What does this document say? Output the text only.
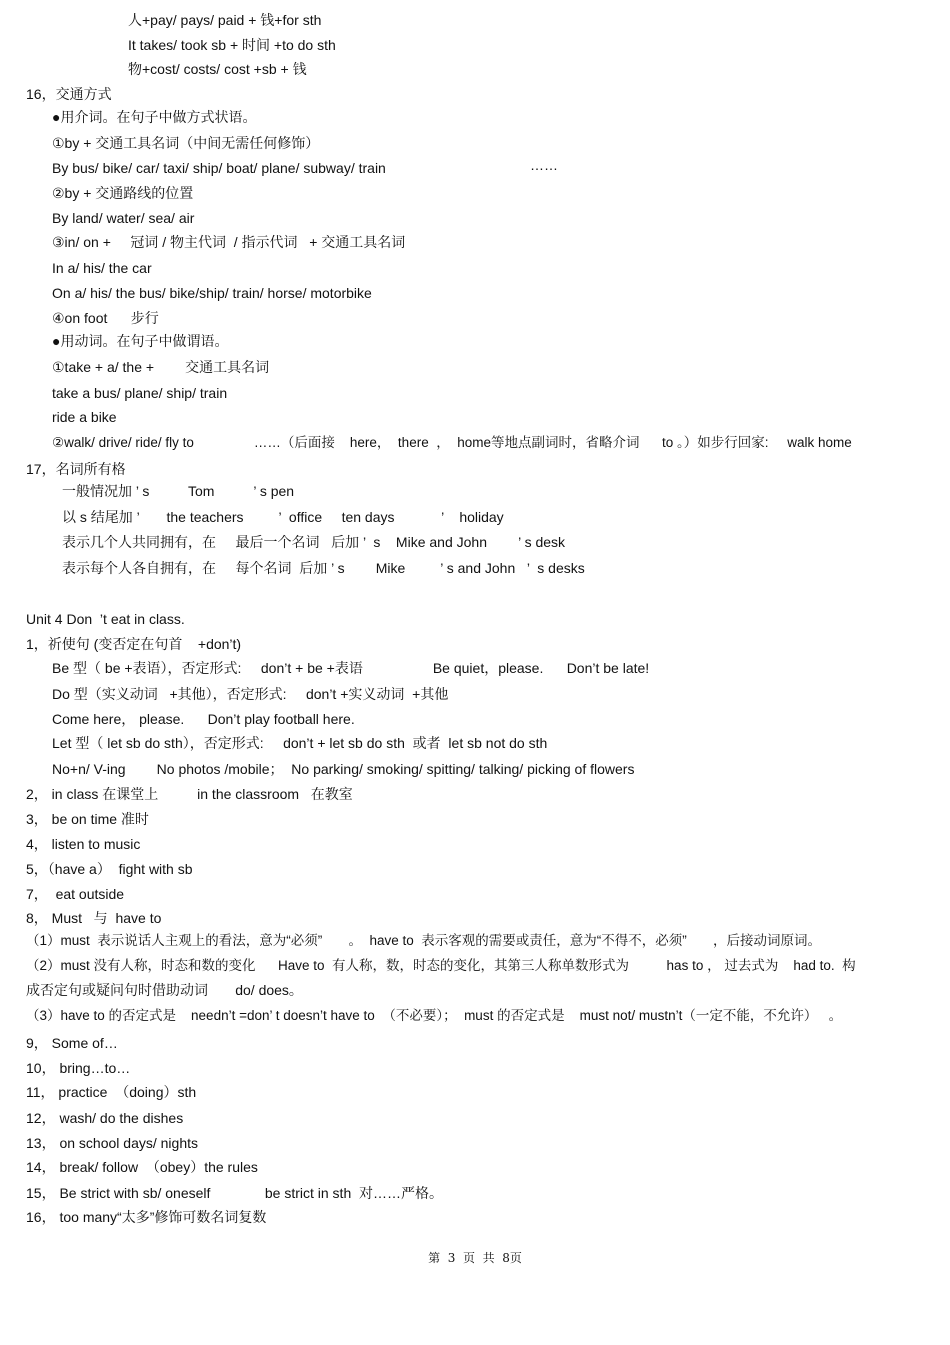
人+pay/ pays/ paid + 钱+for sth
It takes/ took sb + 时间 +to do sth
物+cost/ costs/ cost +sb + 钱
16，交通方式
●用介词。在句子中做方式状语。
①by + 交通工具名词（中间无需任何修饰）
By bus/ bike/ car/ taxi/ ship/ boat/ plane/ subway/ train	……
②by + 交通路线的位置
By land/ water/ sea/ air
③in/ on +     冠词 / 物主代词  / 指示代词   + 交通工具名词
In a/ his/ the car
On a/ his/ the bus/ bike/ship/ train/ horse/ motorbike
④on foot      步行
●用动词。在句子中做谓语。
①take + a/ the +        交通工具名词
take a bus/ plane/ ship/ train
ride a bike
②walk/ drive/ ride/ fly to                ……（后面接    here，  there  ，  home等地点副词时，省略介词      to 。）如步行回家:     walk home
17，名词所有格
一般情况加 ’ s          Tom          ’ s pen
以 s 结尾加 ’       the teachers         ’  office     ten days            ’    holiday
表示几个人共同拥有，在     最后一个名词   后加 ’  s    Mike and John        ’ s desk
表示每个人各自拥有，在     每个名词  后加 ’ s        Mike         ’ s and John   ’  s desks
Unit 4 Don  ’t eat in class.
1，祈使句 (变否定在句首    +don’t)
Be 型（ be +表语），否定形式:     don’t + be +表语                  Be quiet，please.      Don’t be late!
Do 型（实义动词   +其他），否定形式:     don’t +实义动词  +其他
Come here， please.      Don’t play football here.
Let 型（ let sb do sth），否定形式:     don’t + let sb do sth  或者  let sb not do sth
No+n/ V-ing        No photos /mobile；  No parking/ smoking/ spitting/ talking/ picking of flowers
2， in class 在课堂上          in the classroom   在教室
3， be on time 准时
4， listen to music
5，（have a）  fight with sb
7，  eat outside
8， Must   与  have to
（1）must  表示说话人主观上的看法，意为“必须”       。  have to  表示客观的需要或责任，意为“不得不，必须”       ，后接动词原词。
（2）must 没有人称，时态和数的变化      Have to  有人称，数，时态的变化，其第三人称单数形式为          has to ， 过去式为    had to.  构
成否定句或疑问句时借助动词       do/ does。
（3）have to 的否定式是    needn’t =don’ t doesn’t have to  （不必要）；  must 的否定式是    must not/ mustn’t（一定不能，不允许）   。
9， Some of…
10， bring…to…
11， practice  （doing）sth
12， wash/ do the dishes
13， on school days/ nights
14， break/ follow  （obey）the rules
15， Be strict with sb/ oneself              be strict in sth  对……严格。
16， too many“太多”修饰可数名词复数
第  3  页  共  8页
